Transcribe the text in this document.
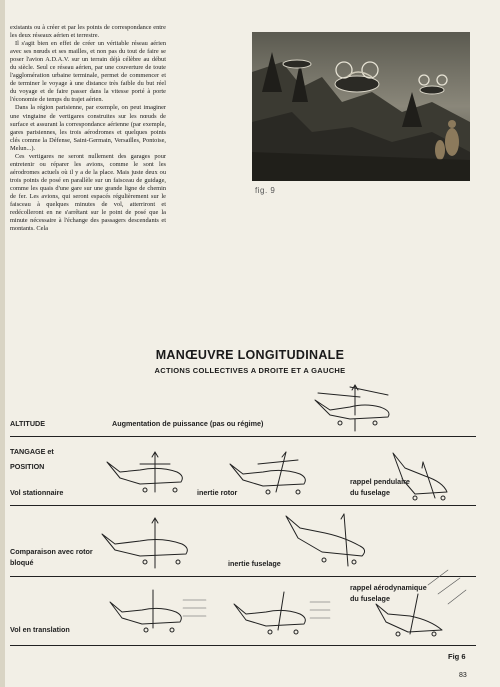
existants ou à créer et par les points de correspondance entre les deux réseaux aérien et terrestre.

Il s'agit bien en effet de créer un véritable réseau aérien avec ses nœuds et ses mailles, et non pas du tout de faire se poser l'avion A.D.A.V. sur un terrain déjà célèbre au début du siècle. Seul ce réseau aérien, par une couverture de toute l'agglomération urbaine terminale, permet de commencer et de terminer le voyage à une distance très faible du but réel du voyage et de faire passer dans la vitesse porté à porte l'économie de temps du trajet aérien.

Dans la région parisienne, par exemple, on peut imaginer une vingtaine de vertigares construites sur les nœuds de surface et assurant la correspondance aérienne (par exemple, gares parisiennes, les trois aérodromes et quelques points clés comme la Défense, Saint-Germain, Versailles, Pontoise, Melun...).

Ces vertigares ne seront nullement des garages pour entretenir ou réparer les avions, comme le sont les aérodromes actuels où il y a de la place. Mais juste deux ou trois points de posé en parallèle sur un faisceau de guidage, comme les quais d'une gare sur une grande ligne de chemin de fer. Les avions, qui seront espacés régulièrement sur le faisceau à quelques minutes de vol, atterriront et redécolleront en ne s'arrêtant sur le point de posé que la minute nécessaire à l'échange des passagers descendants et montants. Cela

fig. 9
MANŒUVRE LONGITUDINALE
ACTIONS COLLECTIVES A DROITE ET A GAUCHE
ALTITUDE	Augmentation de puissance (pas ou régime)
TANGAGE et
POSITION
Vol stationnaire	inertie rotor
rappel pendulaire
du fuselage
Comparaison avec rotor
bloqué	inertie fuselage
rappel aérodynamique
du fuselage
Vol en translation
Fig 6
83
